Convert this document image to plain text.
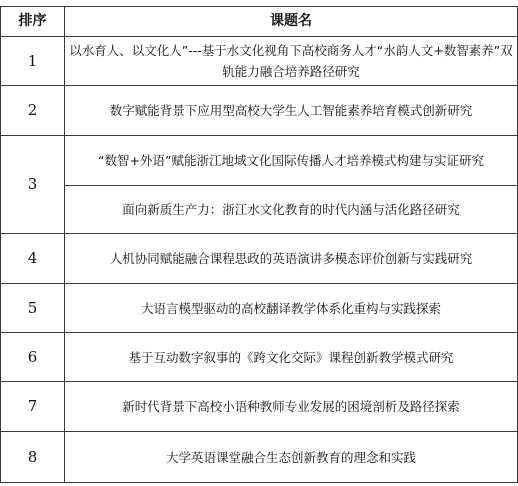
排序	课题名
1	以水育人、以文化人”---基于水文化视角下高校商务人才“水韵人文+数智素养”双轨能力融合培养路径研究
2	数字赋能背景下应用型高校大学生人工智能素养培育模式创新研究
3	“数智+外语”赋能浙江地域文化国际传播人才培养模式构建与实证研究
	面向新质生产力：浙江水文化教育的时代内涵与活化路径研究
4	人机协同赋能融合课程思政的英语演讲多模态评价创新与实践研究
5	大语言模型驱动的高校翻译教学体系化重构与实践探索
6	基于互动数字叙事的《跨文化交际》课程创新教学模式研究
7	新时代背景下高校小语种教师专业发展的困境剖析及路径探索
8	大学英语课堂融合生态创新教育的理念和实践
